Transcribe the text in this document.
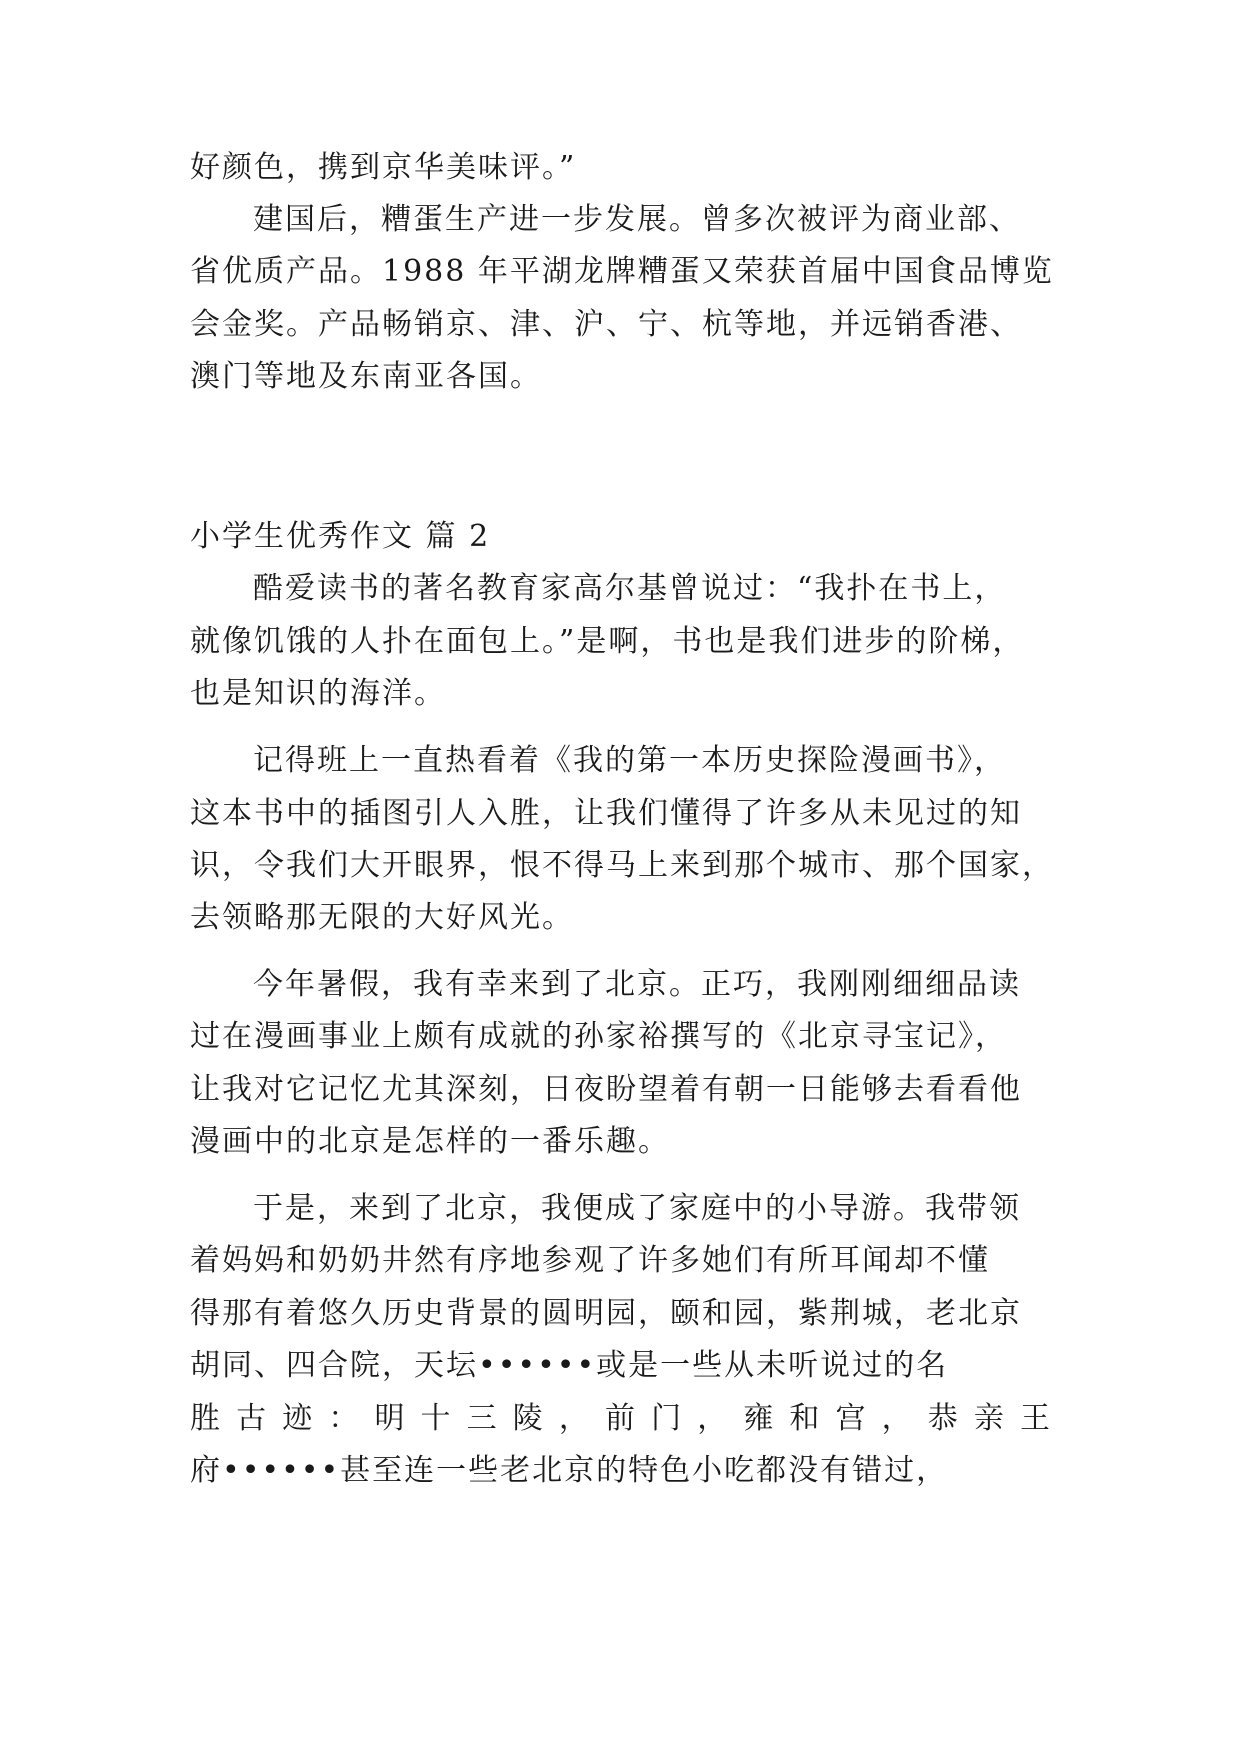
好颜色，携到京华美味评。”
建国后，糟蛋生产进一步发展。曾多次被评为商业部、
省优质产品。1988 年平湖龙牌糟蛋又荣获首届中国食品博览
会金奖。产品畅销京、津、沪、宁、杭等地，并远销香港、
澳门等地及东南亚各国。
小学生优秀作文 篇 2
酷爱读书的著名教育家高尔基曾说过：“我扑在书上，
就像饥饿的人扑在面包上。”是啊，书也是我们进步的阶梯，
也是知识的海洋。
记得班上一直热看着《我的第一本历史探险漫画书》，
这本书中的插图引人入胜，让我们懂得了许多从未见过的知
识，令我们大开眼界，恨不得马上来到那个城市、那个国家，
去领略那无限的大好风光。
今年暑假，我有幸来到了北京。正巧，我刚刚细细品读
过在漫画事业上颇有成就的孙家裕撰写的《北京寻宝记》，
让我对它记忆尤其深刻，日夜盼望着有朝一日能够去看看他
漫画中的北京是怎样的一番乐趣。
于是，来到了北京，我便成了家庭中的小导游。我带领
着妈妈和奶奶井然有序地参观了许多她们有所耳闻却不懂
得那有着悠久历史背景的圆明园，颐和园，紫荆城，老北京
胡同、四合院，天坛••••••或是一些从未听说过的名
胜 古 迹 ： 明 十 三 陵 ， 前 门 ， 雍 和 宫 ， 恭 亲 王
府••••••甚至连一些老北京的特色小吃都没有错过，
